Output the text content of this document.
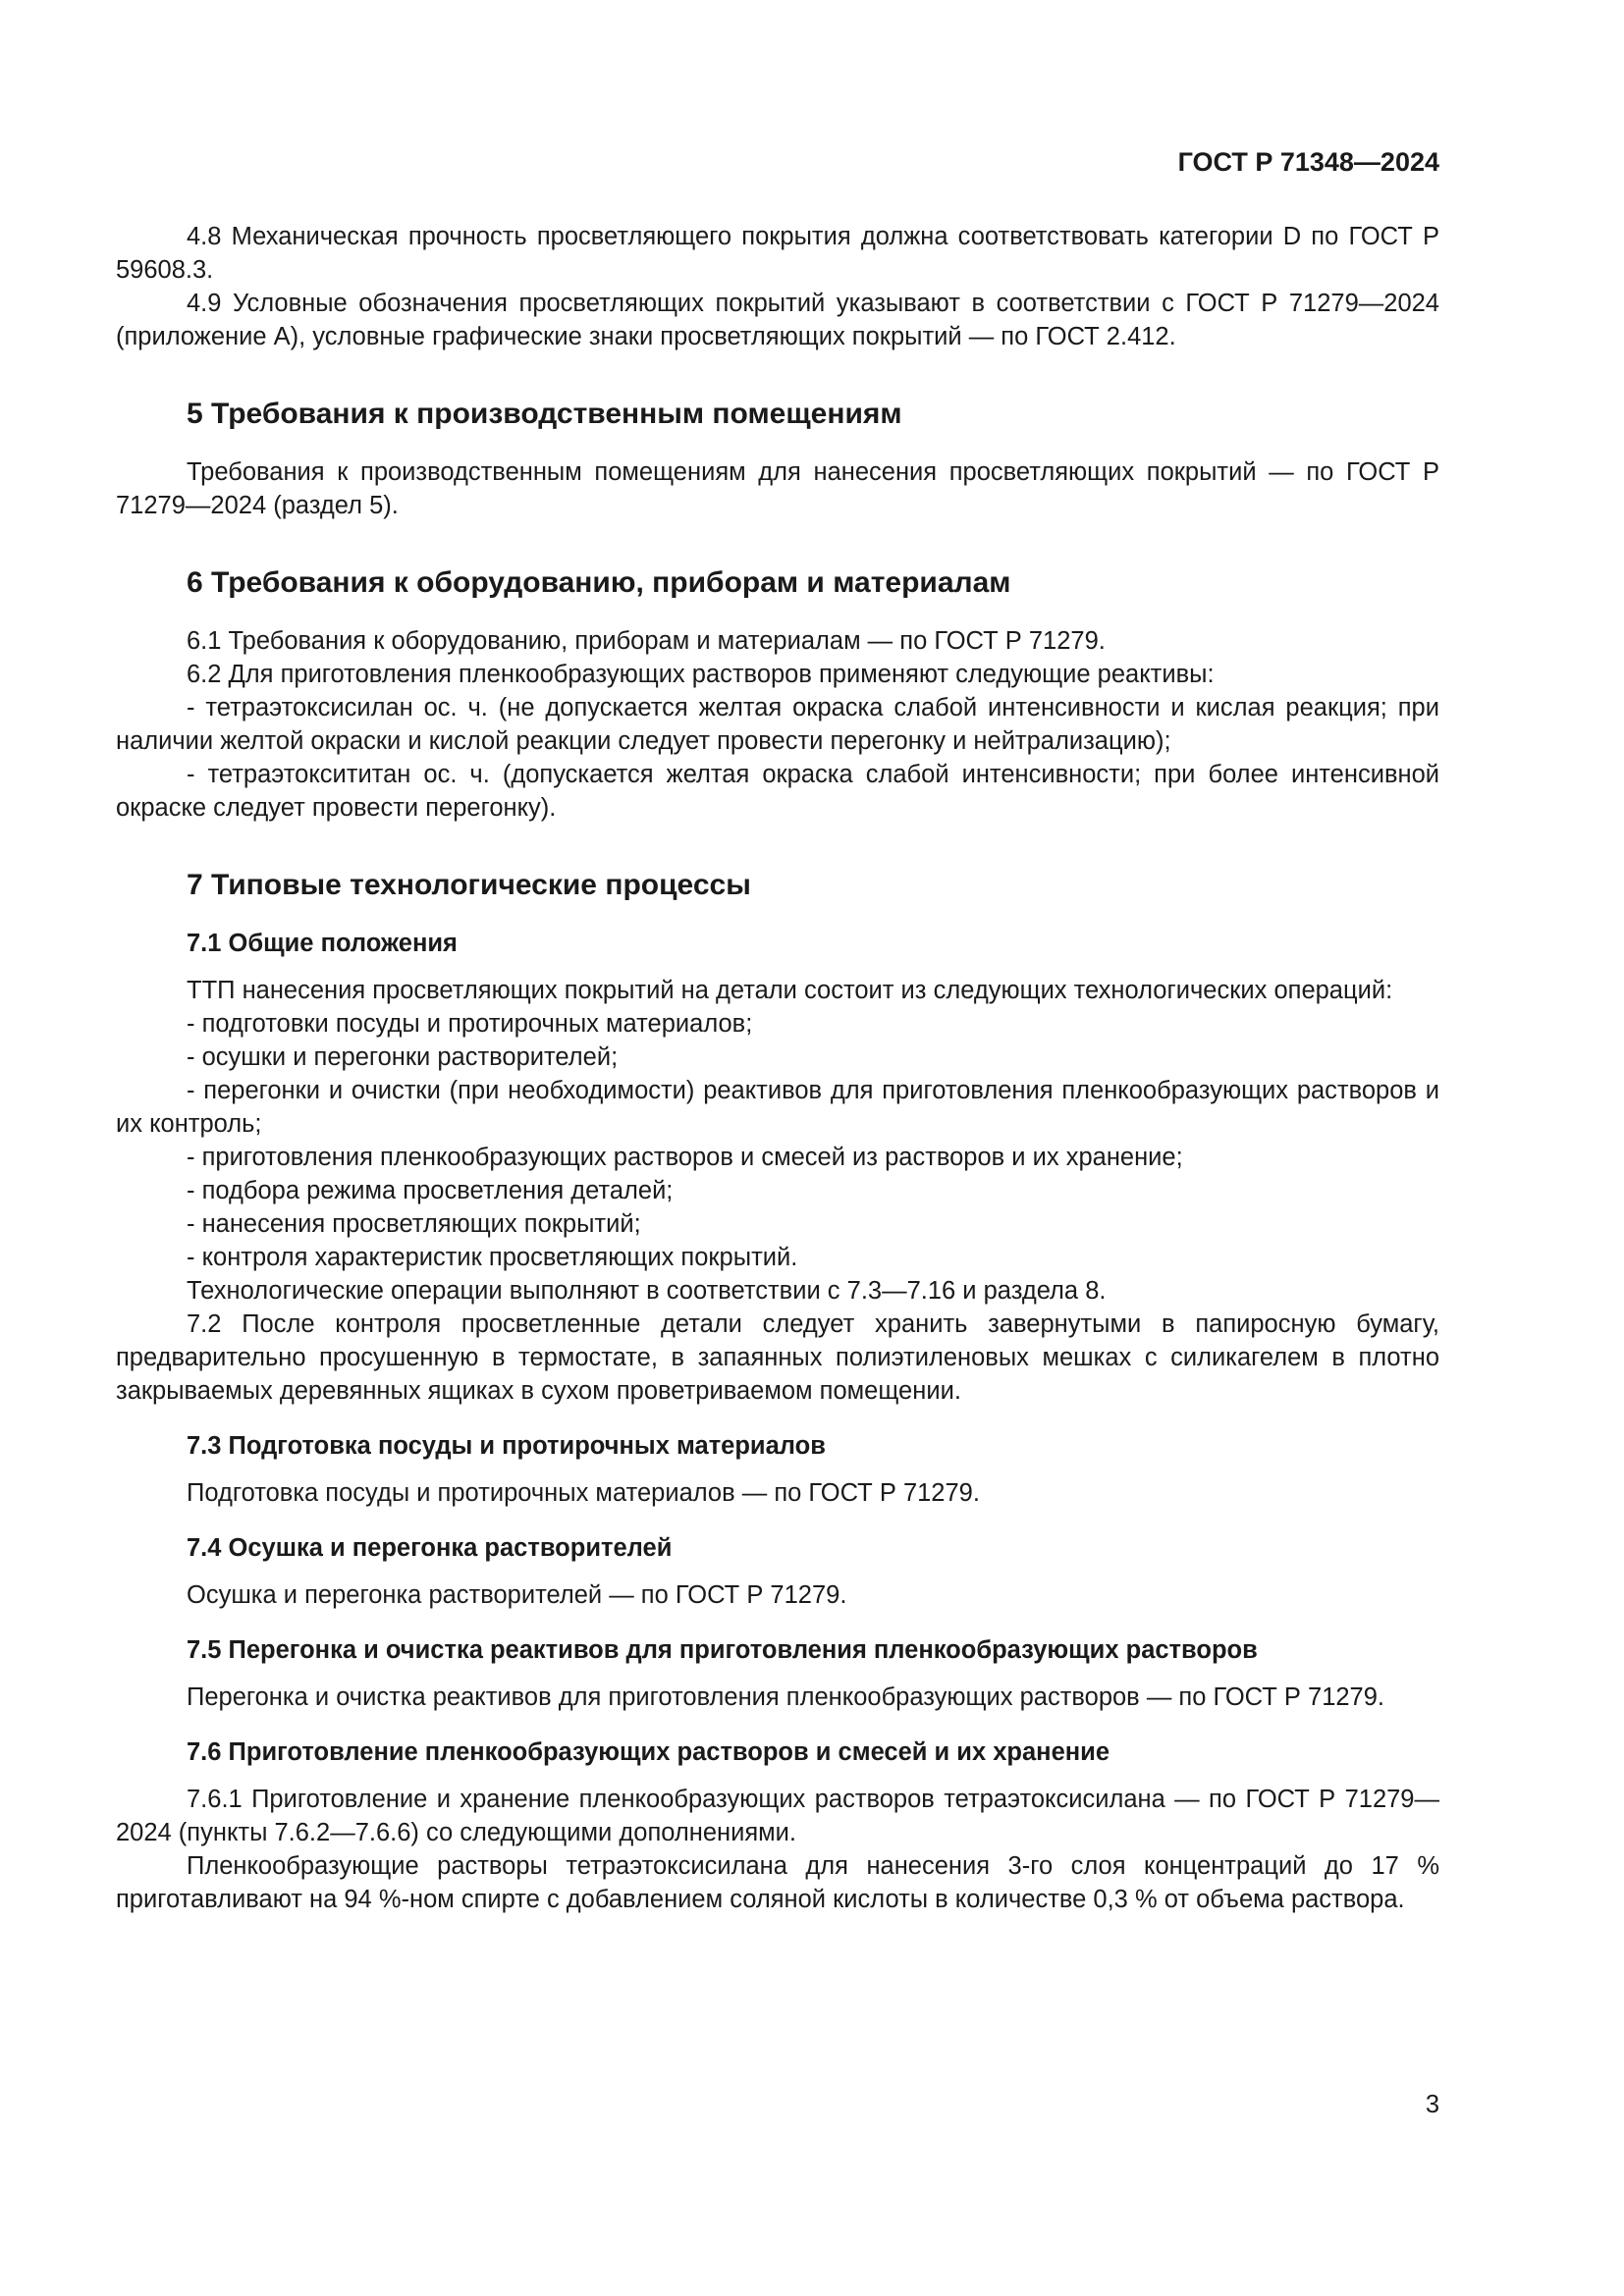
ГОСТ Р 71348—2024

4.8 Механическая прочность просветляющего покрытия должна соответствовать категории D по ГОСТ Р 59608.3.

4.9 Условные обозначения просветляющих покрытий указывают в соответствии с ГОСТ Р 71279—2024 (приложение А), условные графические знаки просветляющих покрытий — по ГОСТ 2.412.

5 Требования к производственным помещениям

Требования к производственным помещениям для нанесения просветляющих покрытий — по ГОСТ Р 71279—2024 (раздел 5).

6 Требования к оборудованию, приборам и материалам

6.1 Требования к оборудованию, приборам и материалам — по ГОСТ Р 71279.

6.2 Для приготовления пленкообразующих растворов применяют следующие реактивы:

- тетраэтоксисилан ос. ч. (не допускается желтая окраска слабой интенсивности и кислая реакция; при наличии желтой окраски и кислой реакции следует провести перегонку и нейтрализацию);

- тетраэтоксититан ос. ч. (допускается желтая окраска слабой интенсивности; при более интенсивной окраске следует провести перегонку).

7 Типовые технологические процессы
7.1 Общие положения

ТТП нанесения просветляющих покрытий на детали состоит из следующих технологических операций:

- подготовки посуды и протирочных материалов;

- осушки и перегонки растворителей;

- перегонки и очистки (при необходимости) реактивов для приготовления пленкообразующих растворов и их контроль;

- приготовления пленкообразующих растворов и смесей из растворов и их хранение;

- подбора режима просветления деталей;

- нанесения просветляющих покрытий;

- контроля характеристик просветляющих покрытий.

Технологические операции выполняют в соответствии с 7.3—7.16 и раздела 8.

7.2 После контроля просветленные детали следует хранить завернутыми в папиросную бумагу, предварительно просушенную в термостате, в запаянных полиэтиленовых мешках с силикагелем в плотно закрываемых деревянных ящиках в сухом проветриваемом помещении.

7.3 Подготовка посуды и протирочных материалов

Подготовка посуды и протирочных материалов — по ГОСТ Р 71279.

7.4 Осушка и перегонка растворителей

Осушка и перегонка растворителей — по ГОСТ Р 71279.

7.5 Перегонка и очистка реактивов для приготовления пленкообразующих растворов

Перегонка и очистка реактивов для приготовления пленкообразующих растворов — по ГОСТ Р 71279.

7.6 Приготовление пленкообразующих растворов и смесей и их хранение

7.6.1 Приготовление и хранение пленкообразующих растворов тетраэтоксисилана — по ГОСТ Р 71279—2024 (пункты 7.6.2—7.6.6) со следующими дополнениями.

Пленкообразующие растворы тетраэтоксисилана для нанесения 3-го слоя концентраций до 17 % приготавливают на 94 %-ном спирте с добавлением соляной кислоты в количестве 0,3 % от объема раствора.

3
